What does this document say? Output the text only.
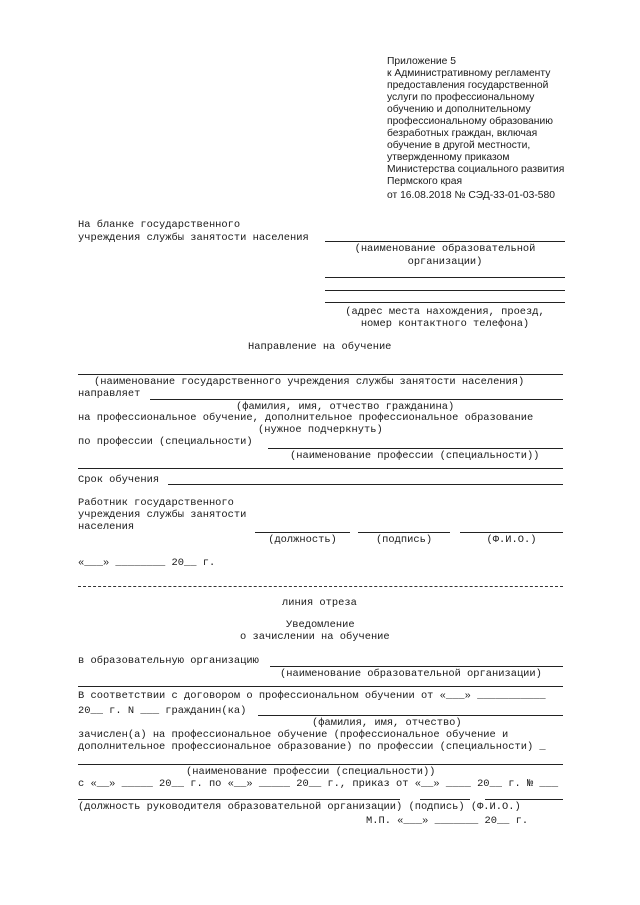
Приложение 5
к Административному регламенту
предоставления государственной
услуги по профессиональному
обучению и дополнительному
профессиональному образованию
безработных граждан, включая
обучение в другой местности,
утвержденному приказом
Министерства социального развития
Пермского края
от 16.08.2018 № СЭД-33-01-03-580
На бланке государственного
учреждения службы занятости населения
(наименование образовательной
организации)
(адрес места нахождения, проезд,
номер контактного телефона)
Направление на обучение
(наименование государственного учреждения службы занятости населения)
направляет
(фамилия, имя, отчество гражданина)
на профессиональное обучение, дополнительное профессиональное образование
(нужное подчеркнуть)
по профессии (специальности)
(наименование профессии (специальности))
Срок обучения
Работник государственного
учреждения службы занятости
населения
(должность)	(подпись)	(Ф.И.О.)
«___» ________ 20__ г.
линия отреза
Уведомление
о зачислении на обучение
в образовательную организацию
(наименование образовательной организации)
В соответствии с договором о профессиональном обучении от «___» ___________
20__ г. N ___ гражданин(ка)
(фамилия, имя, отчество)
зачислен(а) на профессиональное обучение (профессиональное обучение и
дополнительное профессиональное образование) по профессии (специальности) _
(наименование профессии (специальности))
с «__» _____ 20__ г. по «__» _____ 20__ г., приказ от «__» ____ 20__ г. № ___
(должность руководителя образовательной организации) (подпись) (Ф.И.О.)
М.П. «___» _______ 20__ г.
